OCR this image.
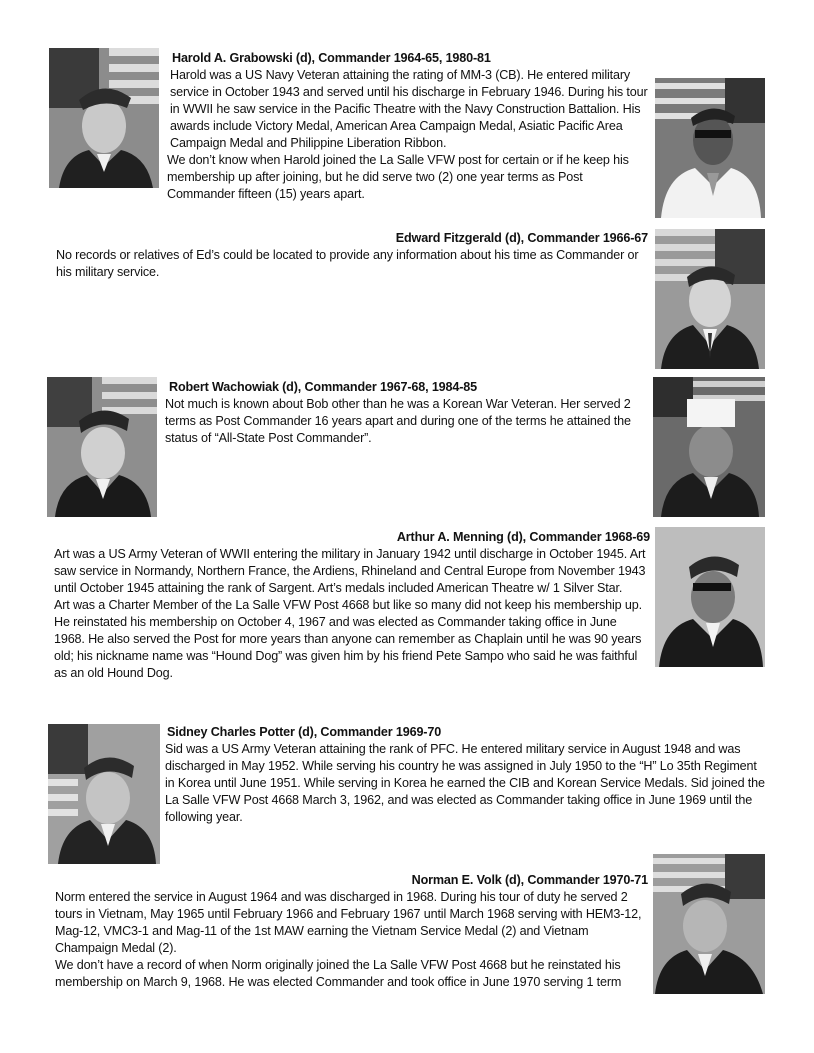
Harold A. Grabowski (d), Commander 1964-65, 1980-81

Harold was a US Navy Veteran attaining the rating of MM-3 (CB). He entered military service in October 1943 and served until his discharge in February 1946. During his tour in WWII he saw service in the Pacific Theatre with the Navy Construction Battalion. His awards include Victory Medal, American Area Campaign Medal, Asiatic Pacific Area Campaign Medal and Philippine Liberation Ribbon.

We don’t know when Harold joined the La Salle VFW post for certain or if he keep his membership up after joining, but he did serve two (2) one year terms as Post Commander fifteen (15) years apart.

Edward Fitzgerald (d), Commander 1966-67

No records or relatives of Ed’s could be located to provide any information about his time as Commander or his military service.

Robert Wachowiak (d), Commander 1967-68, 1984-85

Not much is known about Bob other than he was a Korean War Veteran. Her served 2 terms as Post Commander 16 years apart and during one of the terms he attained the status of “All-State Post Commander”.

Arthur A. Menning (d), Commander 1968-69

Art was a US Army Veteran of WWII entering the military in January 1942 until discharge in October 1945. Art saw service in Normandy, Northern France, the Ardiens, Rhineland and Central Europe from November 1943 until October 1945 attaining the rank of Sargent. Art’s medals included American Theatre w/ 1 Silver Star.

Art was a Charter Member of the La Salle VFW Post 4668 but like so many did not keep his membership up. He reinstated his membership on October 4, 1967 and was elected as Commander taking office in June 1968. He also served the Post for more years than anyone can remember as Chaplain until he was 90 years old; his nickname name was “Hound Dog” was given him by his friend Pete Sampo who said he was faithful as an old Hound Dog.

Sidney Charles Potter (d), Commander 1969-70

Sid was a US Army Veteran attaining the rank of PFC. He entered military service in August 1948 and was discharged in May 1952. While serving his country he was assigned in July 1950 to the “H” Lo 35th Regiment in Korea until June 1951. While serving in Korea he earned the CIB and Korean Service Medals. Sid joined the La Salle VFW Post 4668 March 3, 1962, and was elected as Commander taking office in June 1969 until the following year.

Norman E. Volk (d), Commander 1970-71

Norm entered the service in August 1964 and was discharged in 1968. During his tour of duty he served 2 tours in Vietnam, May 1965 until February 1966 and February 1967 until March 1968 serving with HEM3-12, Mag-12, VMC3-1 and Mag-11 of the 1st MAW earning the Vietnam Service Medal (2) and Vietnam Champaign Medal (2).

We don’t have a record of when Norm originally joined the La Salle VFW Post 4668 but he reinstated his membership on March 9, 1968. He was elected Commander and took office in June 1970 serving 1 term
